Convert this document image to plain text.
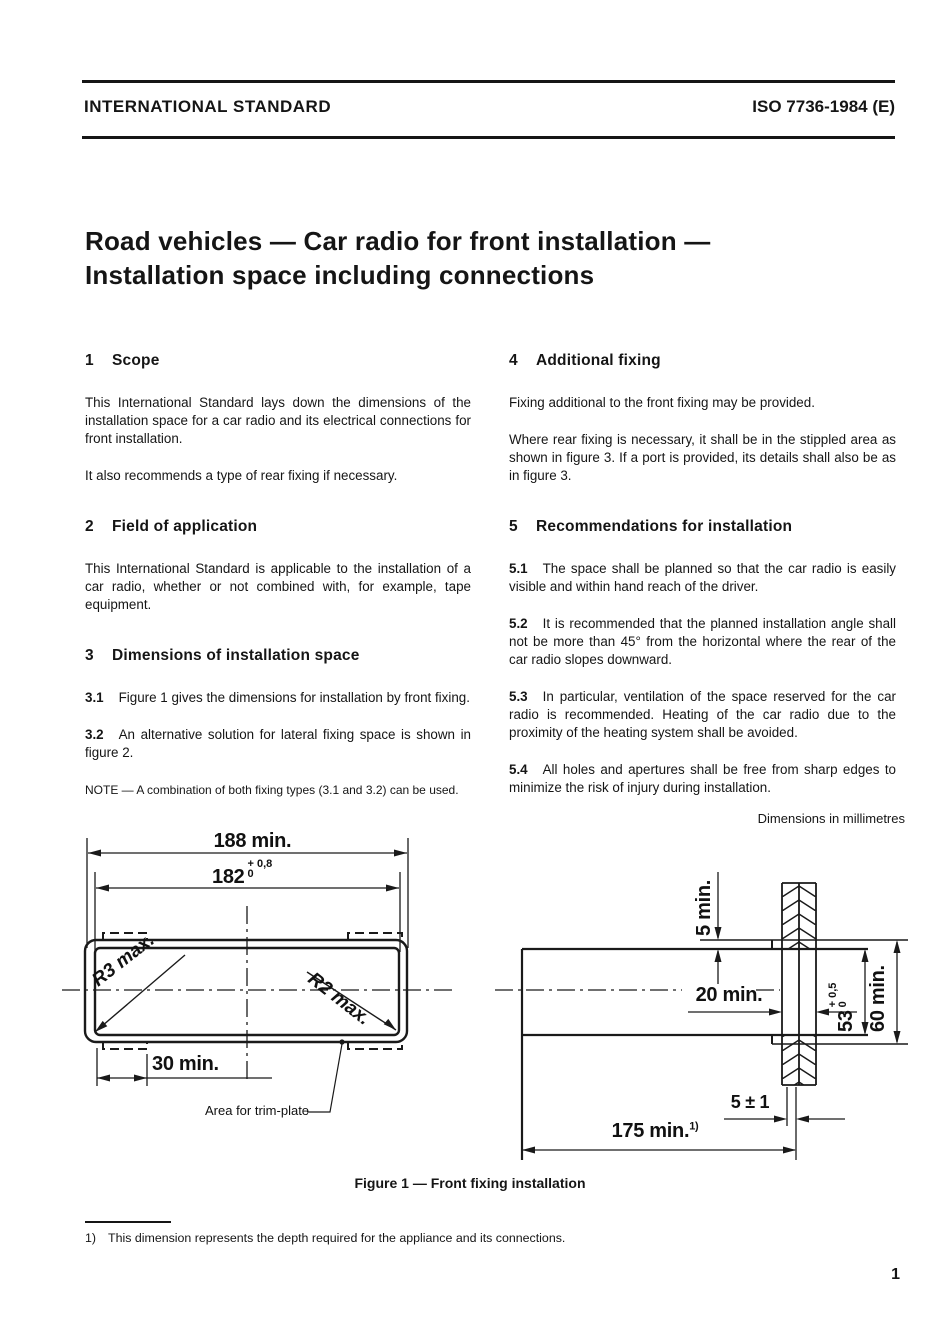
INTERNATIONAL STANDARD	ISO 7736-1984 (E)
Road vehicles — Car radio for front installation —
Installation space including connections
1 Scope

This International Standard lays down the dimensions of the installation space for a car radio and its electrical connections for front installation.

It also recommends a type of rear fixing if necessary.

2 Field of application

This International Standard is applicable to the installation of a car radio, whether or not combined with, for example, tape equipment.

3 Dimensions of installation space

3.1 Figure 1 gives the dimensions for installation by front fixing.

3.2 An alternative solution for lateral fixing space is shown in figure 2.

NOTE — A combination of both fixing types (3.1 and 3.2) can be used.

4 Additional fixing

Fixing additional to the front fixing may be provided.

Where rear fixing is necessary, it shall be in the stippled area as shown in figure 3. If a port is provided, its details shall also be as in figure 3.

5 Recommendations for installation

5.1 The space shall be planned so that the car radio is easily visible and within hand reach of the driver.

5.2 It is recommended that the planned installation angle shall not be more than 45° from the horizontal where the rear of the car radio slopes downward.

5.3 In particular, ventilation of the space reserved for the car radio is recommended. Heating of the car radio due to the proximity of the heating system shall be avoided.

5.4 All holes and apertures shall be free from sharp edges to minimize the risk of injury during installation.

Dimensions in millimetres
188 min.
182+ 0,8
0
R3 max.
R2 max.
30 min.
Area for trim-plate
5 min.
20 min.
53+ 0,5
0 60 min.
5 ± 1
175 min.$^{1)}$
Figure 1 — Front fixing installation
1) This dimension represents the depth required for the appliance and its connections.
1
